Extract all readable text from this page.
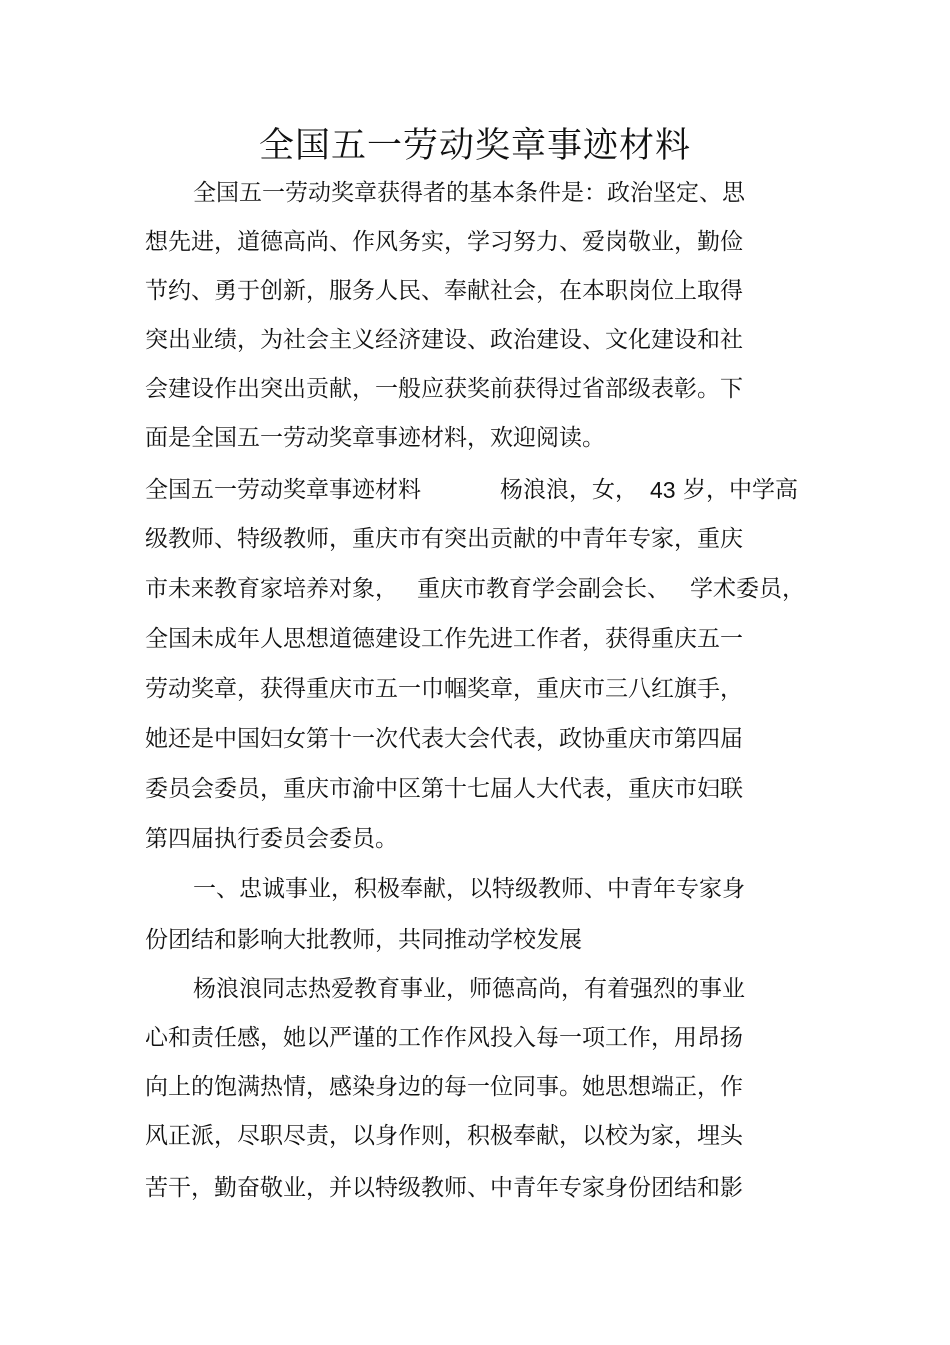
全国五一劳动奖章事迹材料

全国五一劳动奖章获得者的基本条件是：政治坚定、思

想先进，道德高尚、作风务实，学习努力、爱岗敬业，勤俭

节约、勇于创新，服务人民、奉献社会，在本职岗位上取得

突出业绩，为社会主义经济建设、政治建设、文化建设和社

会建设作出突出贡献，一般应获奖前获得过省部级表彰。下

面是全国五一劳动奖章事迹材料，欢迎阅读。

全国五一劳动奖章事迹材料	杨浪浪，女， 43 岁，中学高

级教师、特级教师，重庆市有突出贡献的中青年专家，重庆

市未来教育家培养对象， 重庆市教育学会副会长、 学术委员，

全国未成年人思想道德建设工作先进工作者，获得重庆五一

劳动奖章，获得重庆市五一巾帼奖章，重庆市三八红旗手，

她还是中国妇女第十一次代表大会代表，政协重庆市第四届

委员会委员，重庆市渝中区第十七届人大代表，重庆市妇联

第四届执行委员会委员。

一、忠诚事业，积极奉献，以特级教师、中青年专家身

份团结和影响大批教师，共同推动学校发展

杨浪浪同志热爱教育事业，师德高尚，有着强烈的事业

心和责任感，她以严谨的工作作风投入每一项工作，用昂扬

向上的饱满热情，感染身边的每一位同事。她思想端正，作

风正派，尽职尽责，以身作则，积极奉献，以校为家，埋头

苦干，勤奋敬业，并以特级教师、中青年专家身份团结和影
